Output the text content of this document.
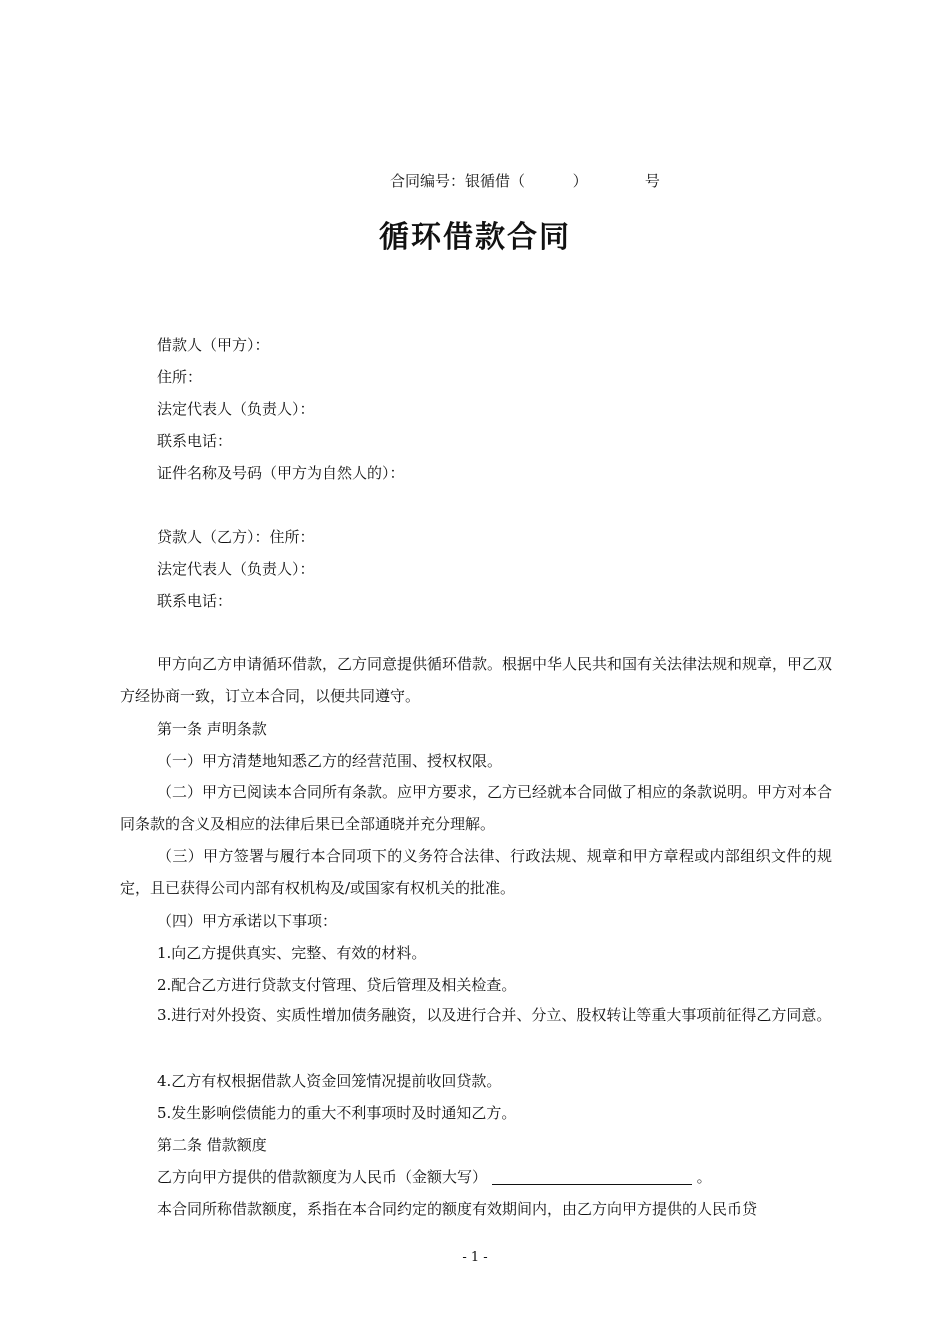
合同编号：银循借（          ）            号
循环借款合同
借款人（甲方）：
住所：
法定代表人（负责人）：
联系电话：
证件名称及号码（甲方为自然人的）：
贷款人（乙方）：住所：
法定代表人（负责人）：
联系电话：
甲方向乙方申请循环借款，乙方同意提供循环借款。根据中华人民共和国有关法律法规和规章，甲乙双方经协商一致，订立本合同，以便共同遵守。
第一条 声明条款
（一）甲方清楚地知悉乙方的经营范围、授权权限。
（二）甲方已阅读本合同所有条款。应甲方要求，乙方已经就本合同做了相应的条款说明。甲方对本合同条款的含义及相应的法律后果已全部通晓并充分理解。
（三）甲方签署与履行本合同项下的义务符合法律、行政法规、规章和甲方章程或内部组织文件的规定，且已获得公司内部有权机构及/或国家有权机关的批准。
（四）甲方承诺以下事项：
1.向乙方提供真实、完整、有效的材料。
2.配合乙方进行贷款支付管理、贷后管理及相关检查。
3.进行对外投资、实质性增加债务融资，以及进行合并、分立、股权转让等重大事项前征得乙方同意。
4.乙方有权根据借款人资金回笼情况提前收回贷款。
5.发生影响偿债能力的重大不利事项时及时通知乙方。
第二条 借款额度
乙方向甲方提供的借款额度为人民币（金额大写）	。
本合同所称借款额度，系指在本合同约定的额度有效期间内，由乙方向甲方提供的人民币贷
- 1 -
